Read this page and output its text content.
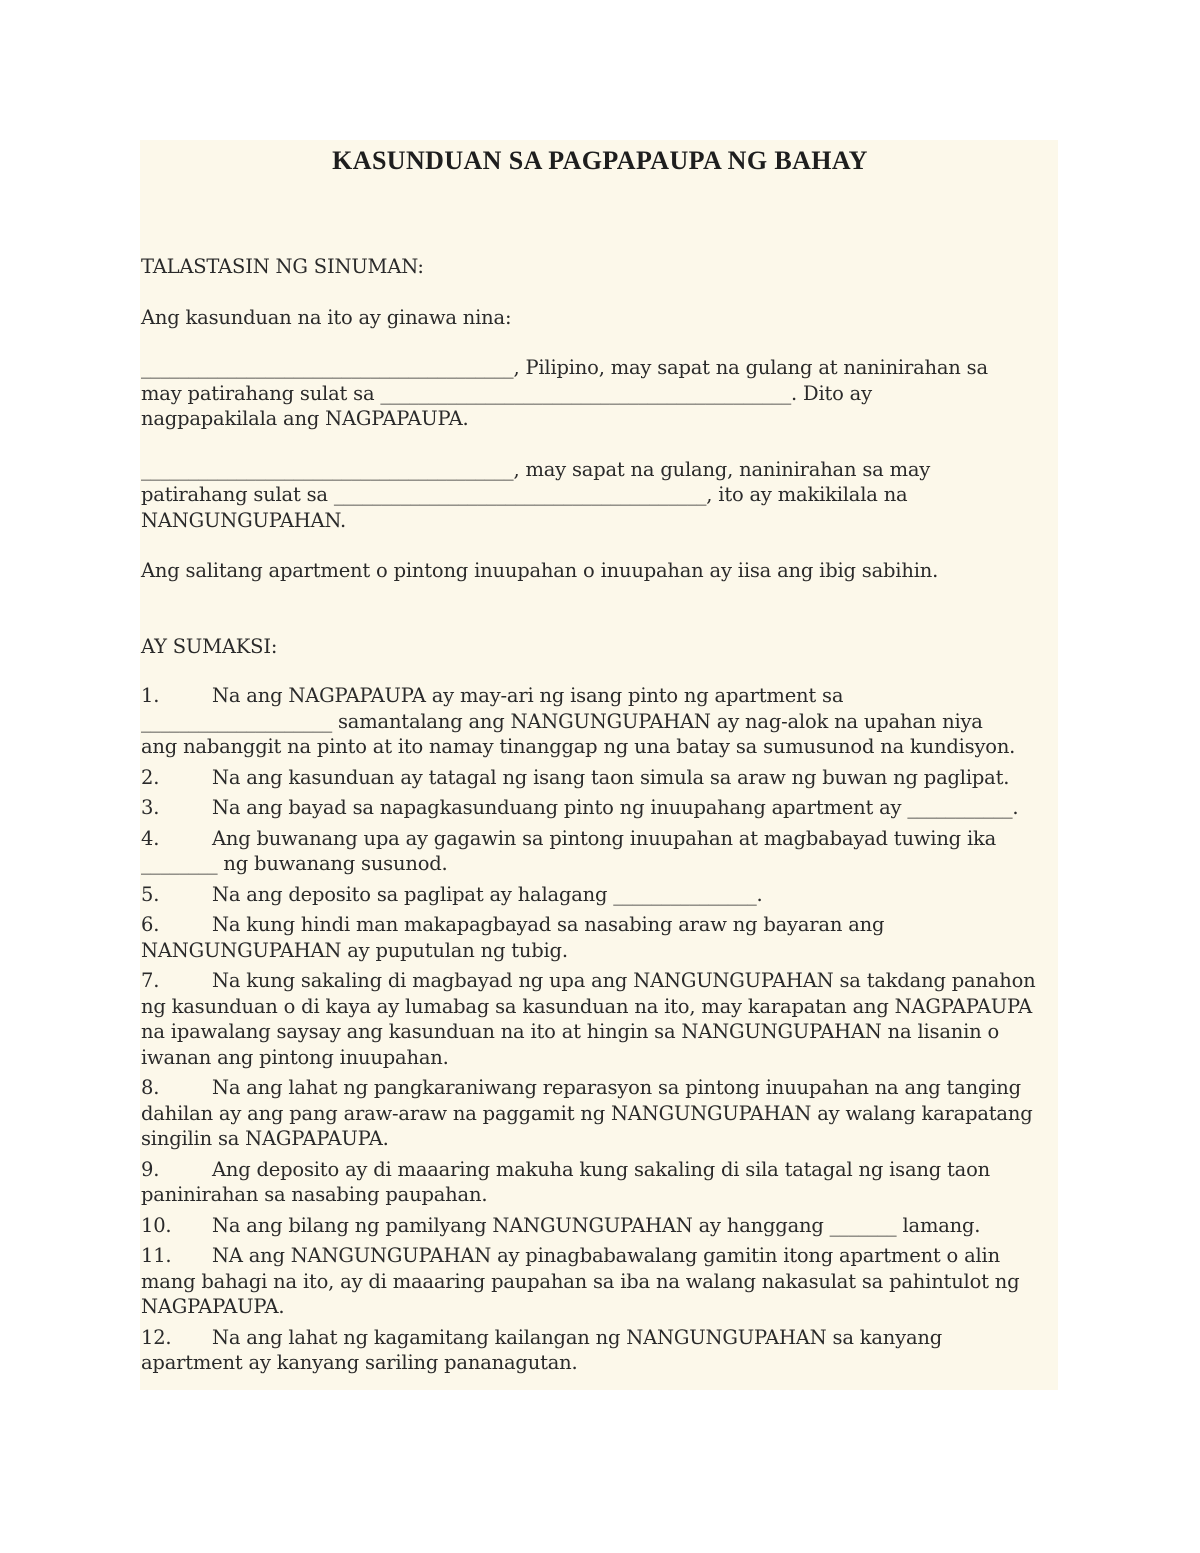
KASUNDUAN SA PAGPAPAUPA NG BAHAY

TALASTASIN NG SINUMAN:

Ang kasunduan na ito ay ginawa nina:

_______________________________________, Pilipino, may sapat na gulang at naninirahan sa

may patirahang sulat sa ___________________________________________. Dito ay

nagpapakilala ang NAGPAPAUPA.

_______________________________________, may sapat na gulang, naninirahan sa may

patirahang sulat sa _______________________________________, ito ay makikilala na

NANGUNGUPAHAN.

Ang salitang apartment o pintong inuupahan o inuupahan ay iisa ang ibig sabihin.

AY SUMAKSI:

1.	Na ang NAGPAPAUPA ay may-ari ng isang pinto ng apartment sa

____________________ samantalang ang NANGUNGUPAHAN ay nag-alok na upahan niya

ang nabanggit na pinto at ito namay tinanggap ng una batay sa sumusunod na kundisyon.

2.	Na ang kasunduan ay tatagal ng isang taon simula sa araw ng buwan ng paglipat.

3.	Na ang bayad sa napagkasunduang pinto ng inuupahang apartment ay ___________.

4.	Ang buwanang upa ay gagawin sa pintong inuupahan at magbabayad tuwing ika

________ ng buwanang susunod.

5.	Na ang deposito sa paglipat ay halagang _______________.

6.	Na kung hindi man makapagbayad sa nasabing araw ng bayaran ang

NANGUNGUPAHAN ay puputulan ng tubig.

7.	Na kung sakaling di magbayad ng upa ang NANGUNGUPAHAN sa takdang panahon

ng kasunduan o di kaya ay lumabag sa kasunduan na ito, may karapatan ang NAGPAPAUPA

na ipawalang saysay ang kasunduan na ito at hingin sa NANGUNGUPAHAN na lisanin o

iwanan ang pintong inuupahan.

8.	Na ang lahat ng pangkaraniwang reparasyon sa pintong inuupahan na ang tanging

dahilan ay ang pang araw-araw na paggamit ng NANGUNGUPAHAN ay walang karapatang

singilin sa NAGPAPAUPA.

9.	Ang deposito ay di maaaring makuha kung sakaling di sila tatagal ng isang taon

paninirahan sa nasabing paupahan.

10. Na ang bilang ng pamilyang NANGUNGUPAHAN ay hanggang _______ lamang.

11. NA ang NANGUNGUPAHAN ay pinagbabawalang gamitin itong apartment o alin

mang bahagi na ito, ay di maaaring paupahan sa iba na walang nakasulat sa pahintulot ng

NAGPAPAUPA.

12. Na ang lahat ng kagamitang kailangan ng NANGUNGUPAHAN sa kanyang

apartment ay kanyang sariling pananagutan.
